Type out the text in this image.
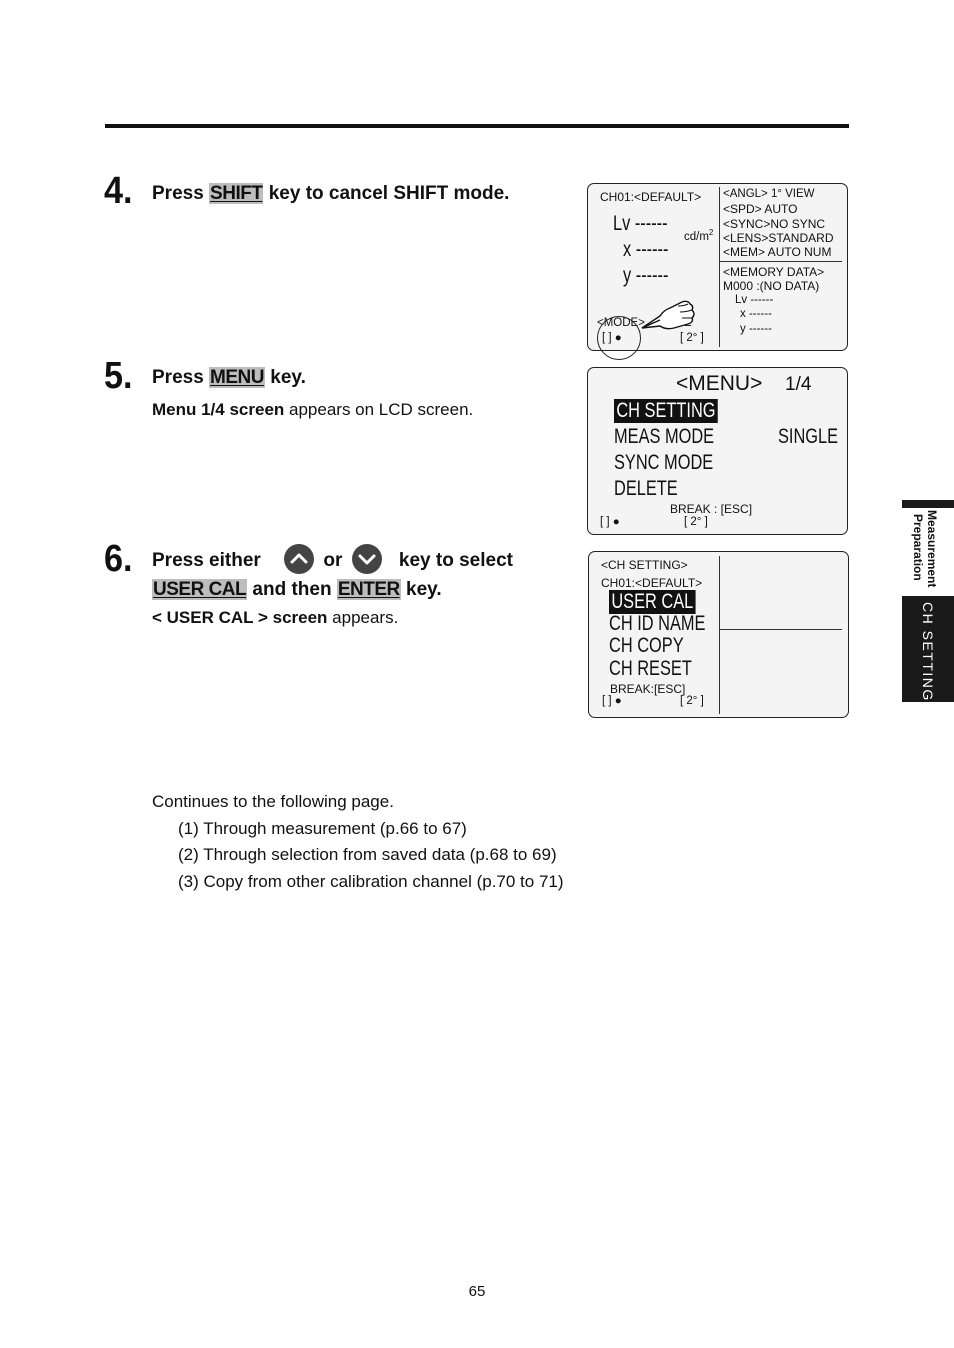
4. Press SHIFT key to cancel SHIFT mode.	CH01:<DEFAULT>
Lv ------
$cd/m^2$
x ------
y ------
<ANGL> 1° VIEW
<SPD> AUTO
<SYNC>NO SYNC
<LENS>STANDARD
<MEM> AUTO NUM
<MEMORY DATA>
M000 :(NO DATA)
Lv ------
x ------
y ------
<MODE>
[ ] ●	[ 2° ]
5. Press MENU key.
Menu 1/4 screen appears on LCD screen.
<MENU> 1/4
CH SETTING
MEAS MODE	SINGLE
SYNC MODE
DELETE
BREAK : [ESC]
[ ] ●	[ 2° ]
6. Press either	or	key to select
USER CAL and then ENTER key.
< USER CAL > screen appears.
<CH SETTING>
CH01:<DEFAULT>
USER CAL
CH ID NAME
CH COPY
CH RESET
BREAK:[ESC]
[ ] ●	[ 2° ]
Continues to the following page.
(1) Through measurement (p.66 to 67)
(2) Through selection from saved data (p.68 to 69)
(3) Copy from other calibration channel (p.70 to 71)
Measurement
Preparation
CH SETTING
65
